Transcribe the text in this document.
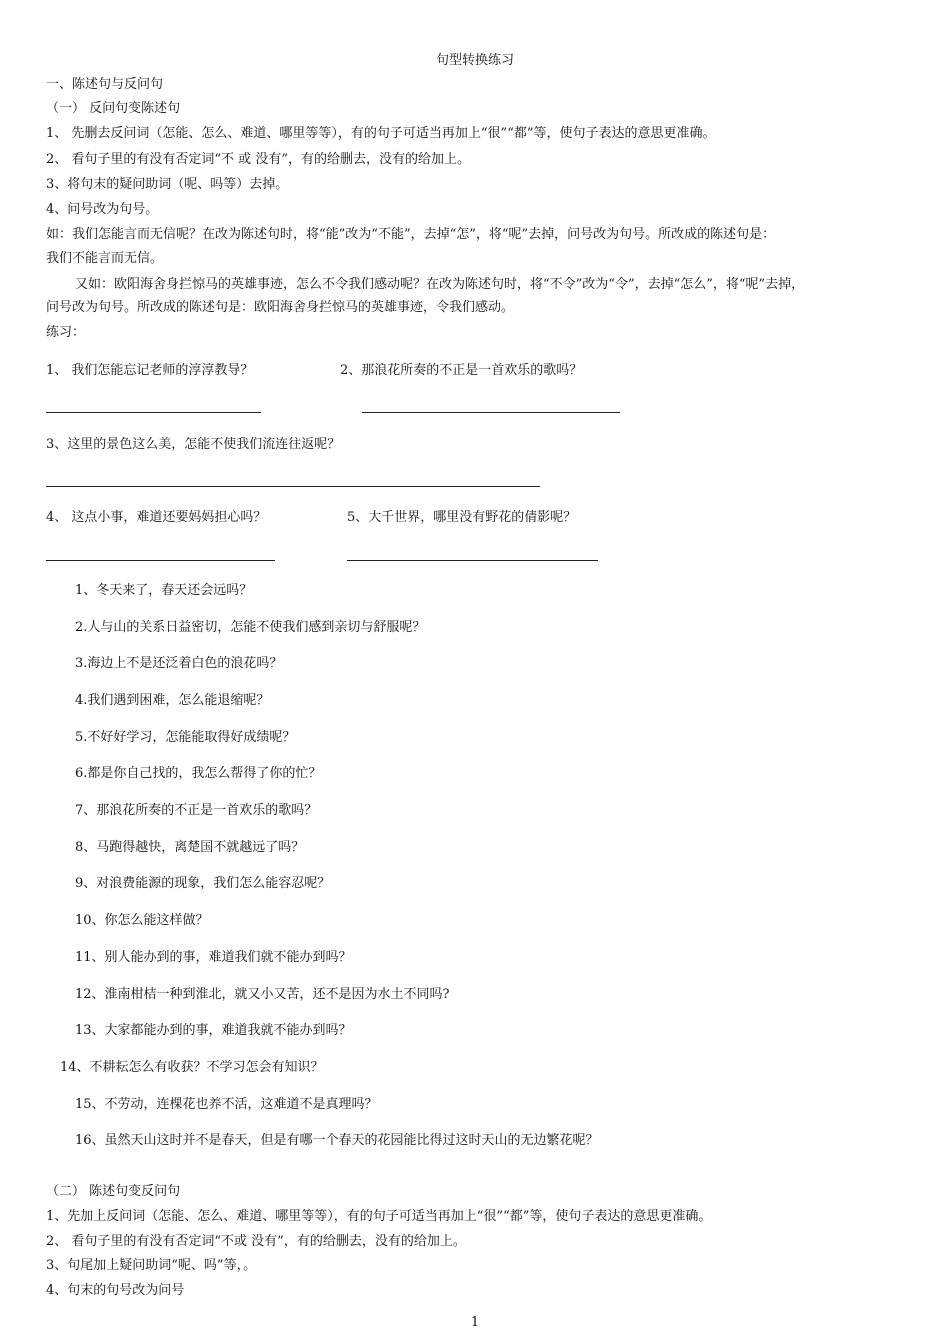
句型转换练习
一、陈述句与反问句
（一） 反问句变陈述句
1、 先删去反问词（怎能、怎么、难道、哪里等等），有的句子可适当再加上“很”“都”等，使句子表达的意思更准确。
2、 看句子里的有没有否定词“不 或 没有”，有的给删去，没有的给加上。
3、将句末的疑问助词（呢、吗等）去掉。
4、问号改为句号。
如：我们怎能言而无信呢？在改为陈述句时，将“能”改为“不能”，去掉“怎”，将“呢”去掉，问号改为句号。所改成的陈述句是：
我们不能言而无信。
又如：欧阳海舍身拦惊马的英雄事迹，怎么不令我们感动呢？在改为陈述句时，将“不令”改为“令”，去掉“怎么”，将“呢”去掉，
问号改为句号。所改成的陈述句是：欧阳海舍身拦惊马的英雄事迹，令我们感动。
练习：
1、 我们怎能忘记老师的淳淳教导？	2、那浪花所奏的不正是一首欢乐的歌吗？
3、这里的景色这么美，怎能不使我们流连往返呢？
4、 这点小事，难道还要妈妈担心吗？	5、大千世界，哪里没有野花的倩影呢？
1、冬天来了，春天还会远吗？
2.人与山的关系日益密切，怎能不使我们感到亲切与舒服呢？
3.海边上不是还泛着白色的浪花吗？
4.我们遇到困难，怎么能退缩呢？
5.不好好学习，怎能能取得好成绩呢？
6.都是你自己找的，我怎么帮得了你的忙？
7、那浪花所奏的不正是一首欢乐的歌吗？
8、马跑得越快，离楚国不就越远了吗？
9、对浪费能源的现象，我们怎么能容忍呢？
10、你怎么能这样做？
11、别人能办到的事，难道我们就不能办到吗？
12、淮南柑桔一种到淮北，就又小又苦，还不是因为水土不同吗?
13、大家都能办到的事，难道我就不能办到吗？
14、不耕耘怎么有收获？不学习怎会有知识？
15、不劳动，连棵花也养不活，这难道不是真理吗？
16、虽然天山这时并不是春天，但是有哪一个春天的花园能比得过这时天山的无边繁花呢？
（二） 陈述句变反问句
1、先加上反问词（怎能、怎么、难道、哪里等等），有的句子可适当再加上“很”“都”等，使句子表达的意思更准确。
2、 看句子里的有没有否定词“不或 没有”，有的给删去，没有的给加上。
3、句尾加上疑问助词“呢、吗”等，。
4、句末的句号改为问号
1
